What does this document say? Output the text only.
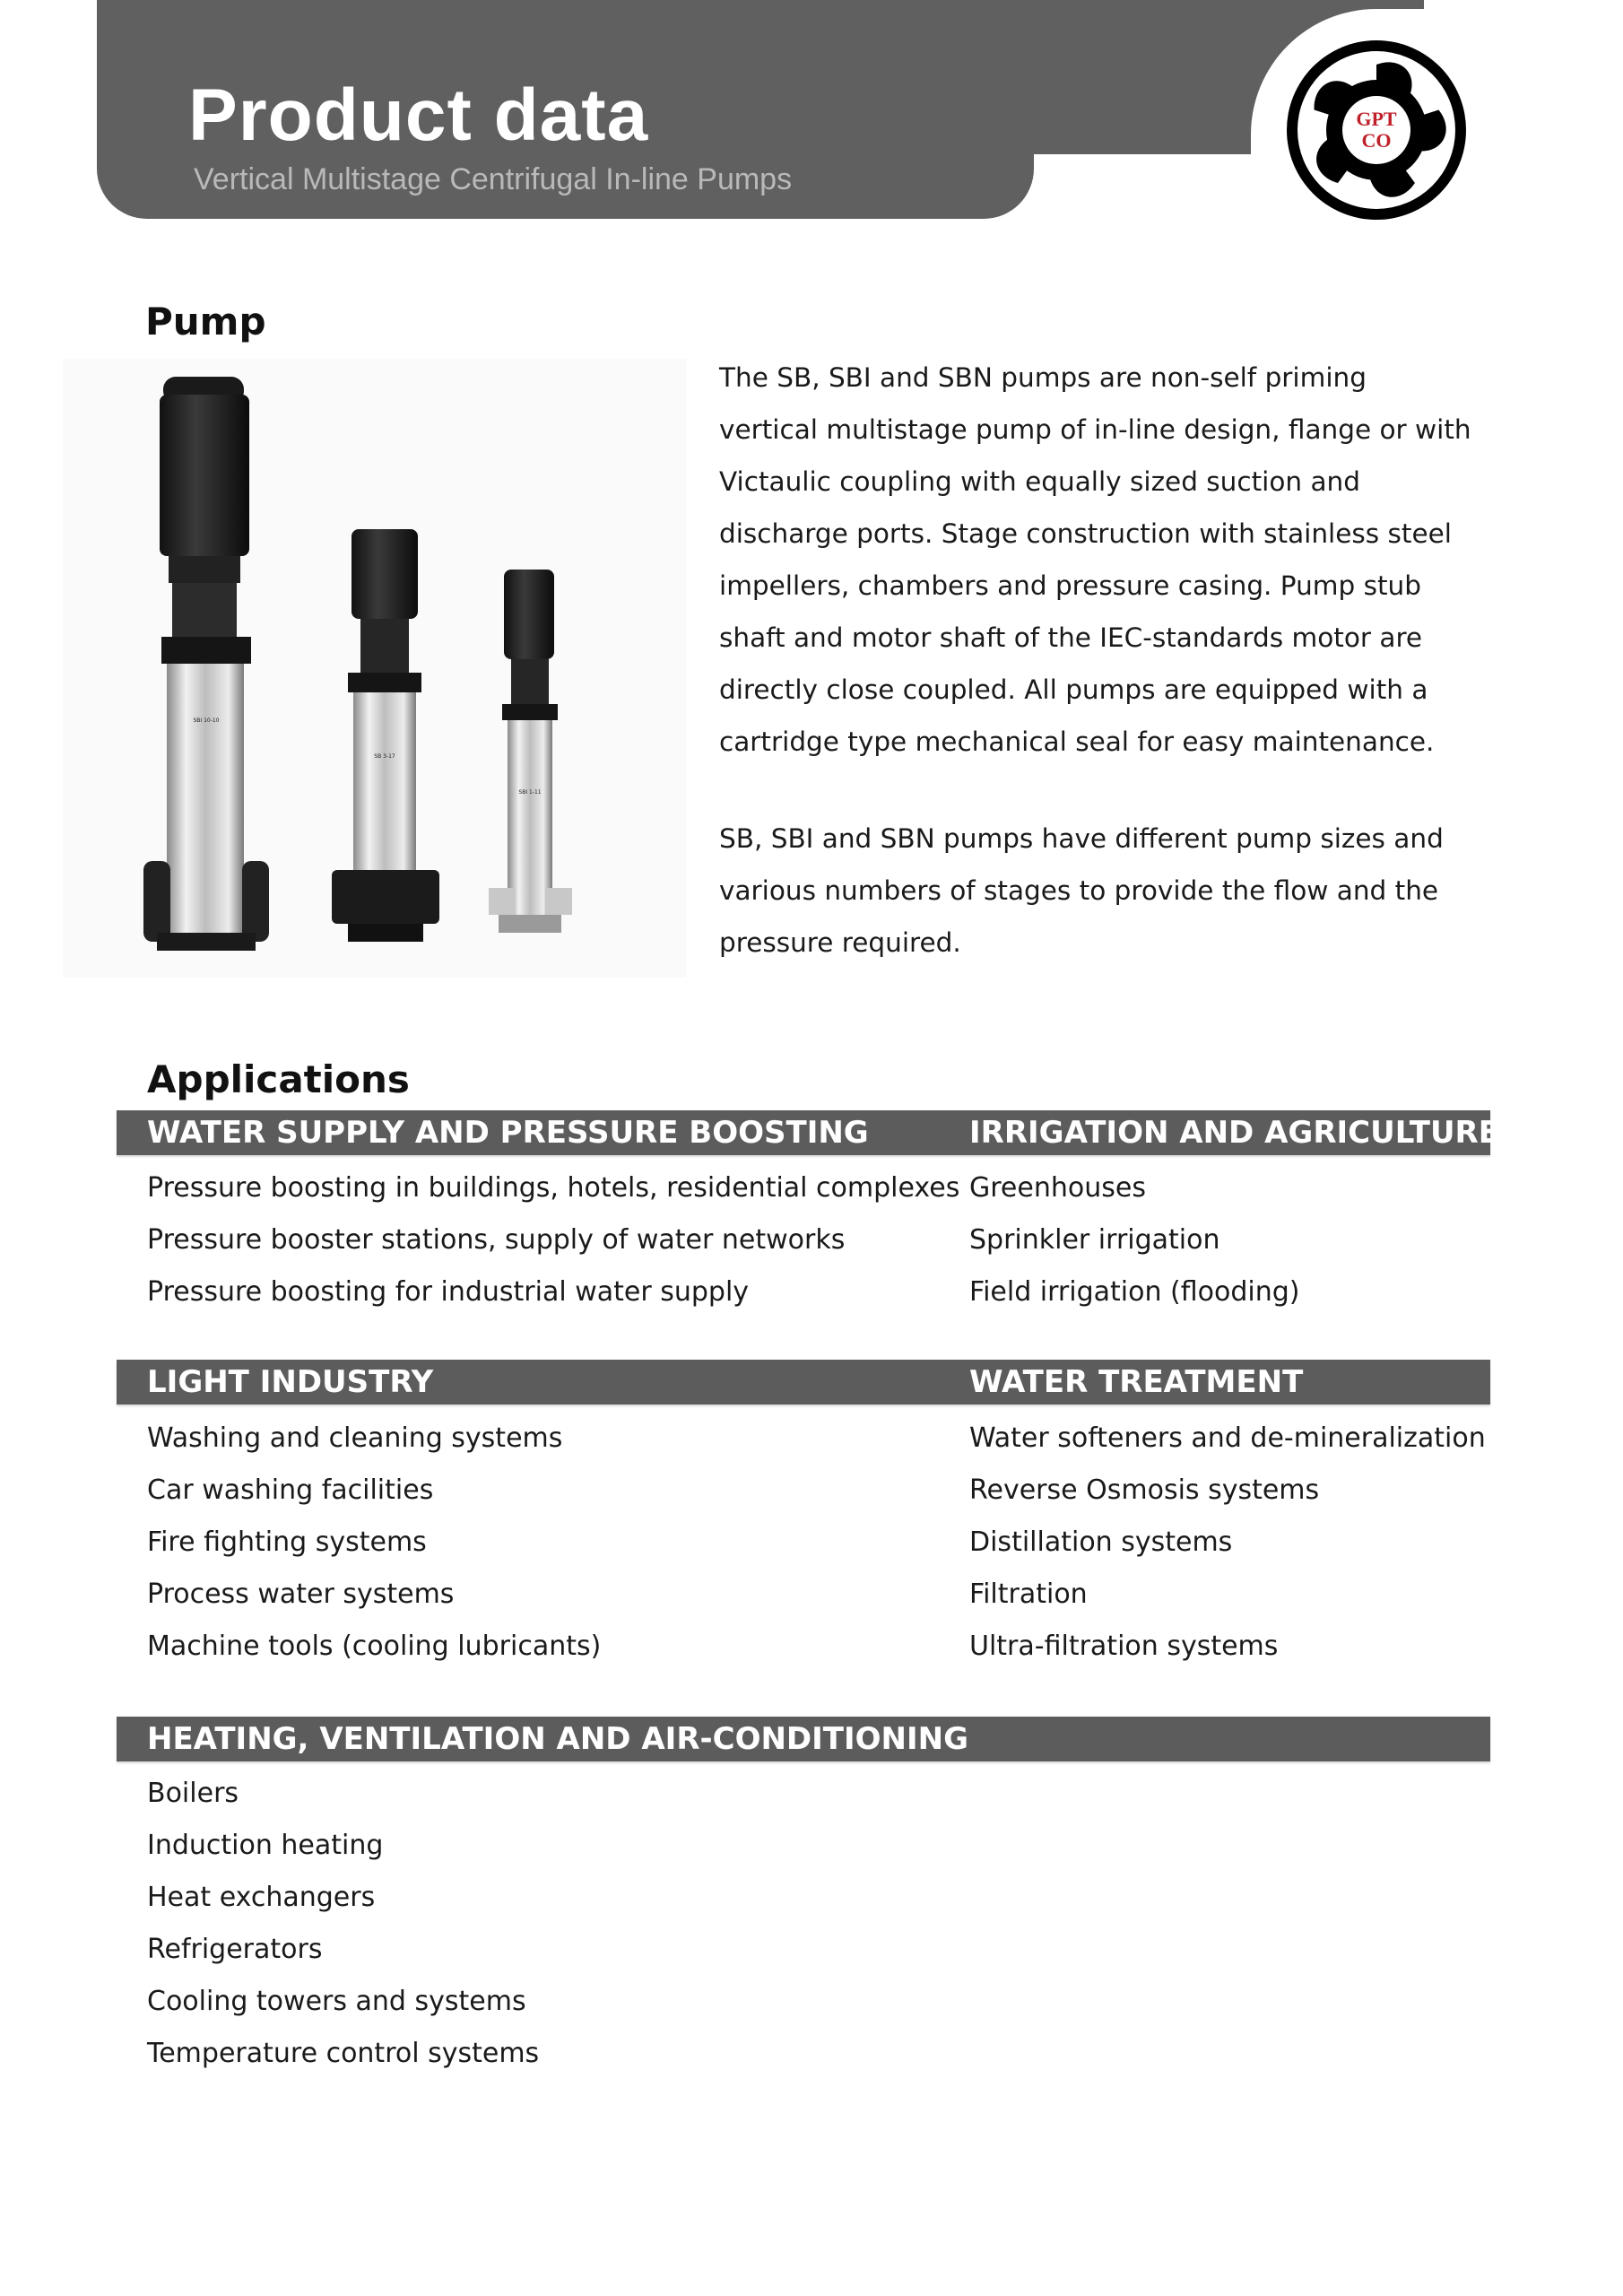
Product data

Vertical Multistage Centrifugal In-line Pumps

GPT
CO
Pump
SBI 10-10
SB 3-17
SBI 1-11
The SB, SBI and SBN pumps are non-self priming vertical multistage pump of in-line design, flange or with Victaulic coupling with equally sized suction and discharge ports. Stage construction with stainless steel impellers, chambers and pressure casing. Pump stub shaft and motor shaft of the IEC-standards motor are directly close coupled. All pumps are equipped with a cartridge type mechanical seal for easy maintenance.
SB, SBI and SBN pumps have different pump sizes and various numbers of stages to provide the flow and the pressure required.
Applications
WATER SUPPLY AND PRESSURE BOOSTING	IRRIGATION AND AGRICULTURE
Pressure boosting in buildings, hotels, residential complexes
Pressure booster stations, supply of water networks
Pressure boosting for industrial water supply
Greenhouses
Sprinkler irrigation
Field irrigation (flooding)
LIGHT INDUSTRY	WATER TREATMENT
Washing and cleaning systems
Car washing facilities
Fire fighting systems
Process water systems
Machine tools (cooling lubricants)
Water softeners and de-mineralization
Reverse Osmosis systems
Distillation systems
Filtration
Ultra-filtration systems
HEATING, VENTILATION AND AIR-CONDITIONING
Boilers
Induction heating
Heat exchangers
Refrigerators
Cooling towers and systems
Temperature control systems
